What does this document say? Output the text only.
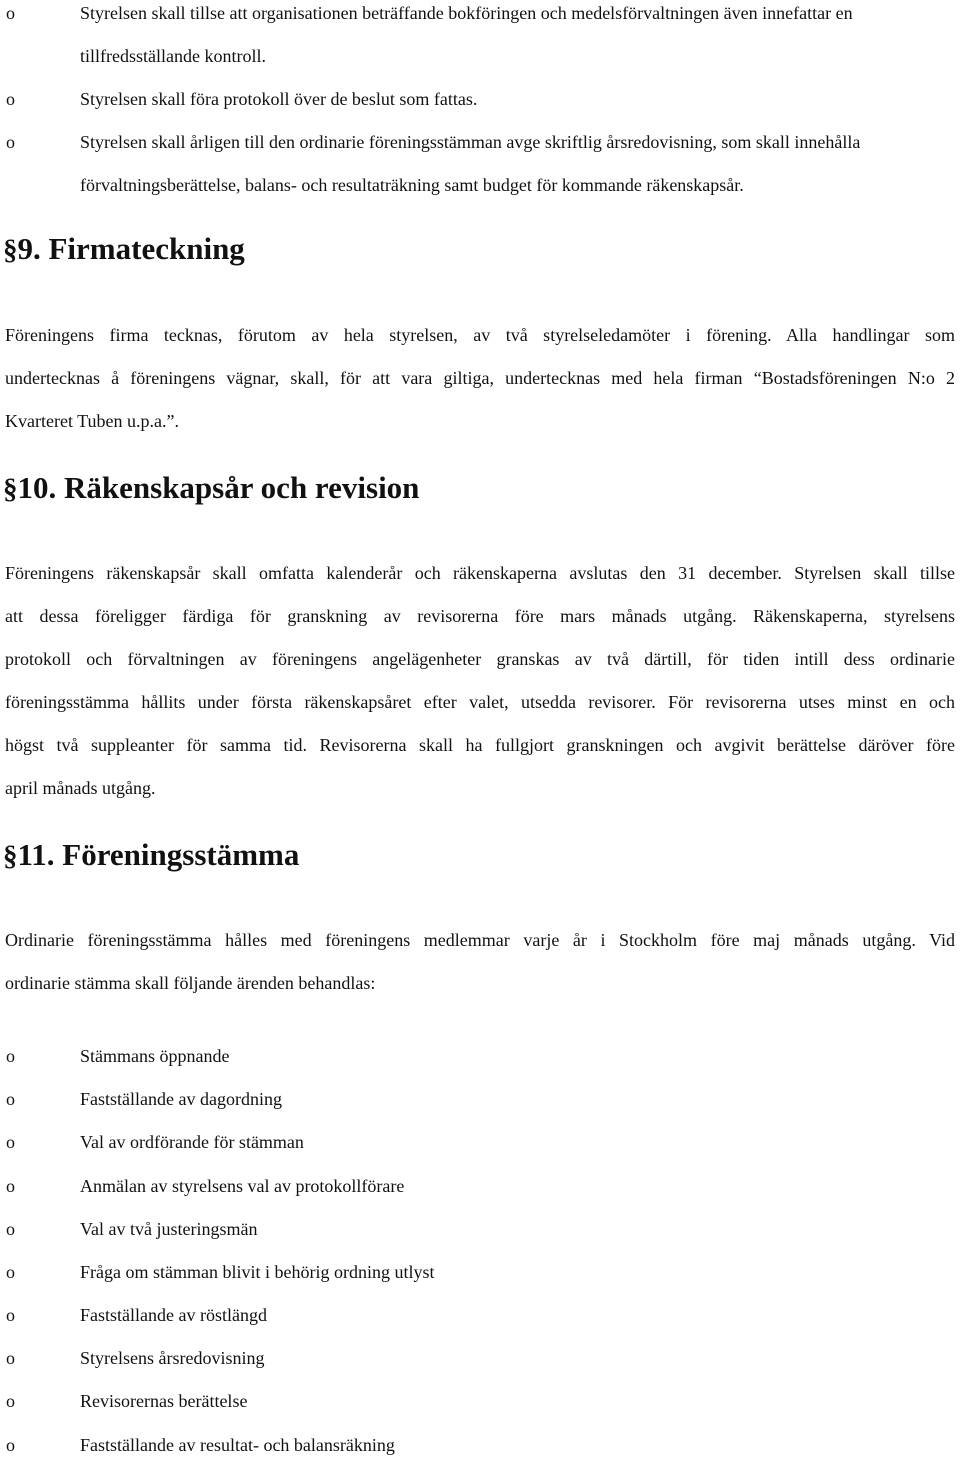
o	Styrelsen skall tillse att organisationen beträffande bokföringen och medelsförvaltningen även innefattar en
tillfredsställande kontroll.
o	Styrelsen skall föra protokoll över de beslut som fattas.
o	Styrelsen skall årligen till den ordinarie föreningsstämman avge skriftlig årsredovisning, som skall innehålla
förvaltningsberättelse, balans- och resultaträkning samt budget för kommande räkenskapsår.
§9. Firmateckning
Föreningens firma tecknas, förutom av hela styrelsen, av två styrelseledamöter i förening. Alla handlingar som
undertecknas å föreningens vägnar, skall, för att vara giltiga, undertecknas med hela firman “Bostadsföreningen N:o 2
Kvarteret Tuben u.p.a.”.
§10. Räkenskapsår och revision
Föreningens räkenskapsår skall omfatta kalenderår och räkenskaperna avslutas den 31 december. Styrelsen skall tillse
att dessa föreligger färdiga för granskning av revisorerna före mars månads utgång. Räkenskaperna, styrelsens
protokoll och förvaltningen av föreningens angelägenheter granskas av två därtill, för tiden intill dess ordinarie
föreningsstämma hållits under första räkenskapsåret efter valet, utsedda revisorer. För revisorerna utses minst en och
högst två suppleanter för samma tid. Revisorerna skall ha fullgjort granskningen och avgivit berättelse däröver före
april månads utgång.
§11. Föreningsstämma
Ordinarie föreningsstämma hålles med föreningens medlemmar varje år i Stockholm före maj månads utgång. Vid
ordinarie stämma skall följande ärenden behandlas:
o	Stämmans öppnande
o	Fastställande av dagordning
o	Val av ordförande för stämman
o	Anmälan av styrelsens val av protokollförare
o	Val av två justeringsmän
o	Fråga om stämman blivit i behörig ordning utlyst
o	Fastställande av röstlängd
o	Styrelsens årsredovisning
o	Revisorernas berättelse
o	Fastställande av resultat- och balansräkning
